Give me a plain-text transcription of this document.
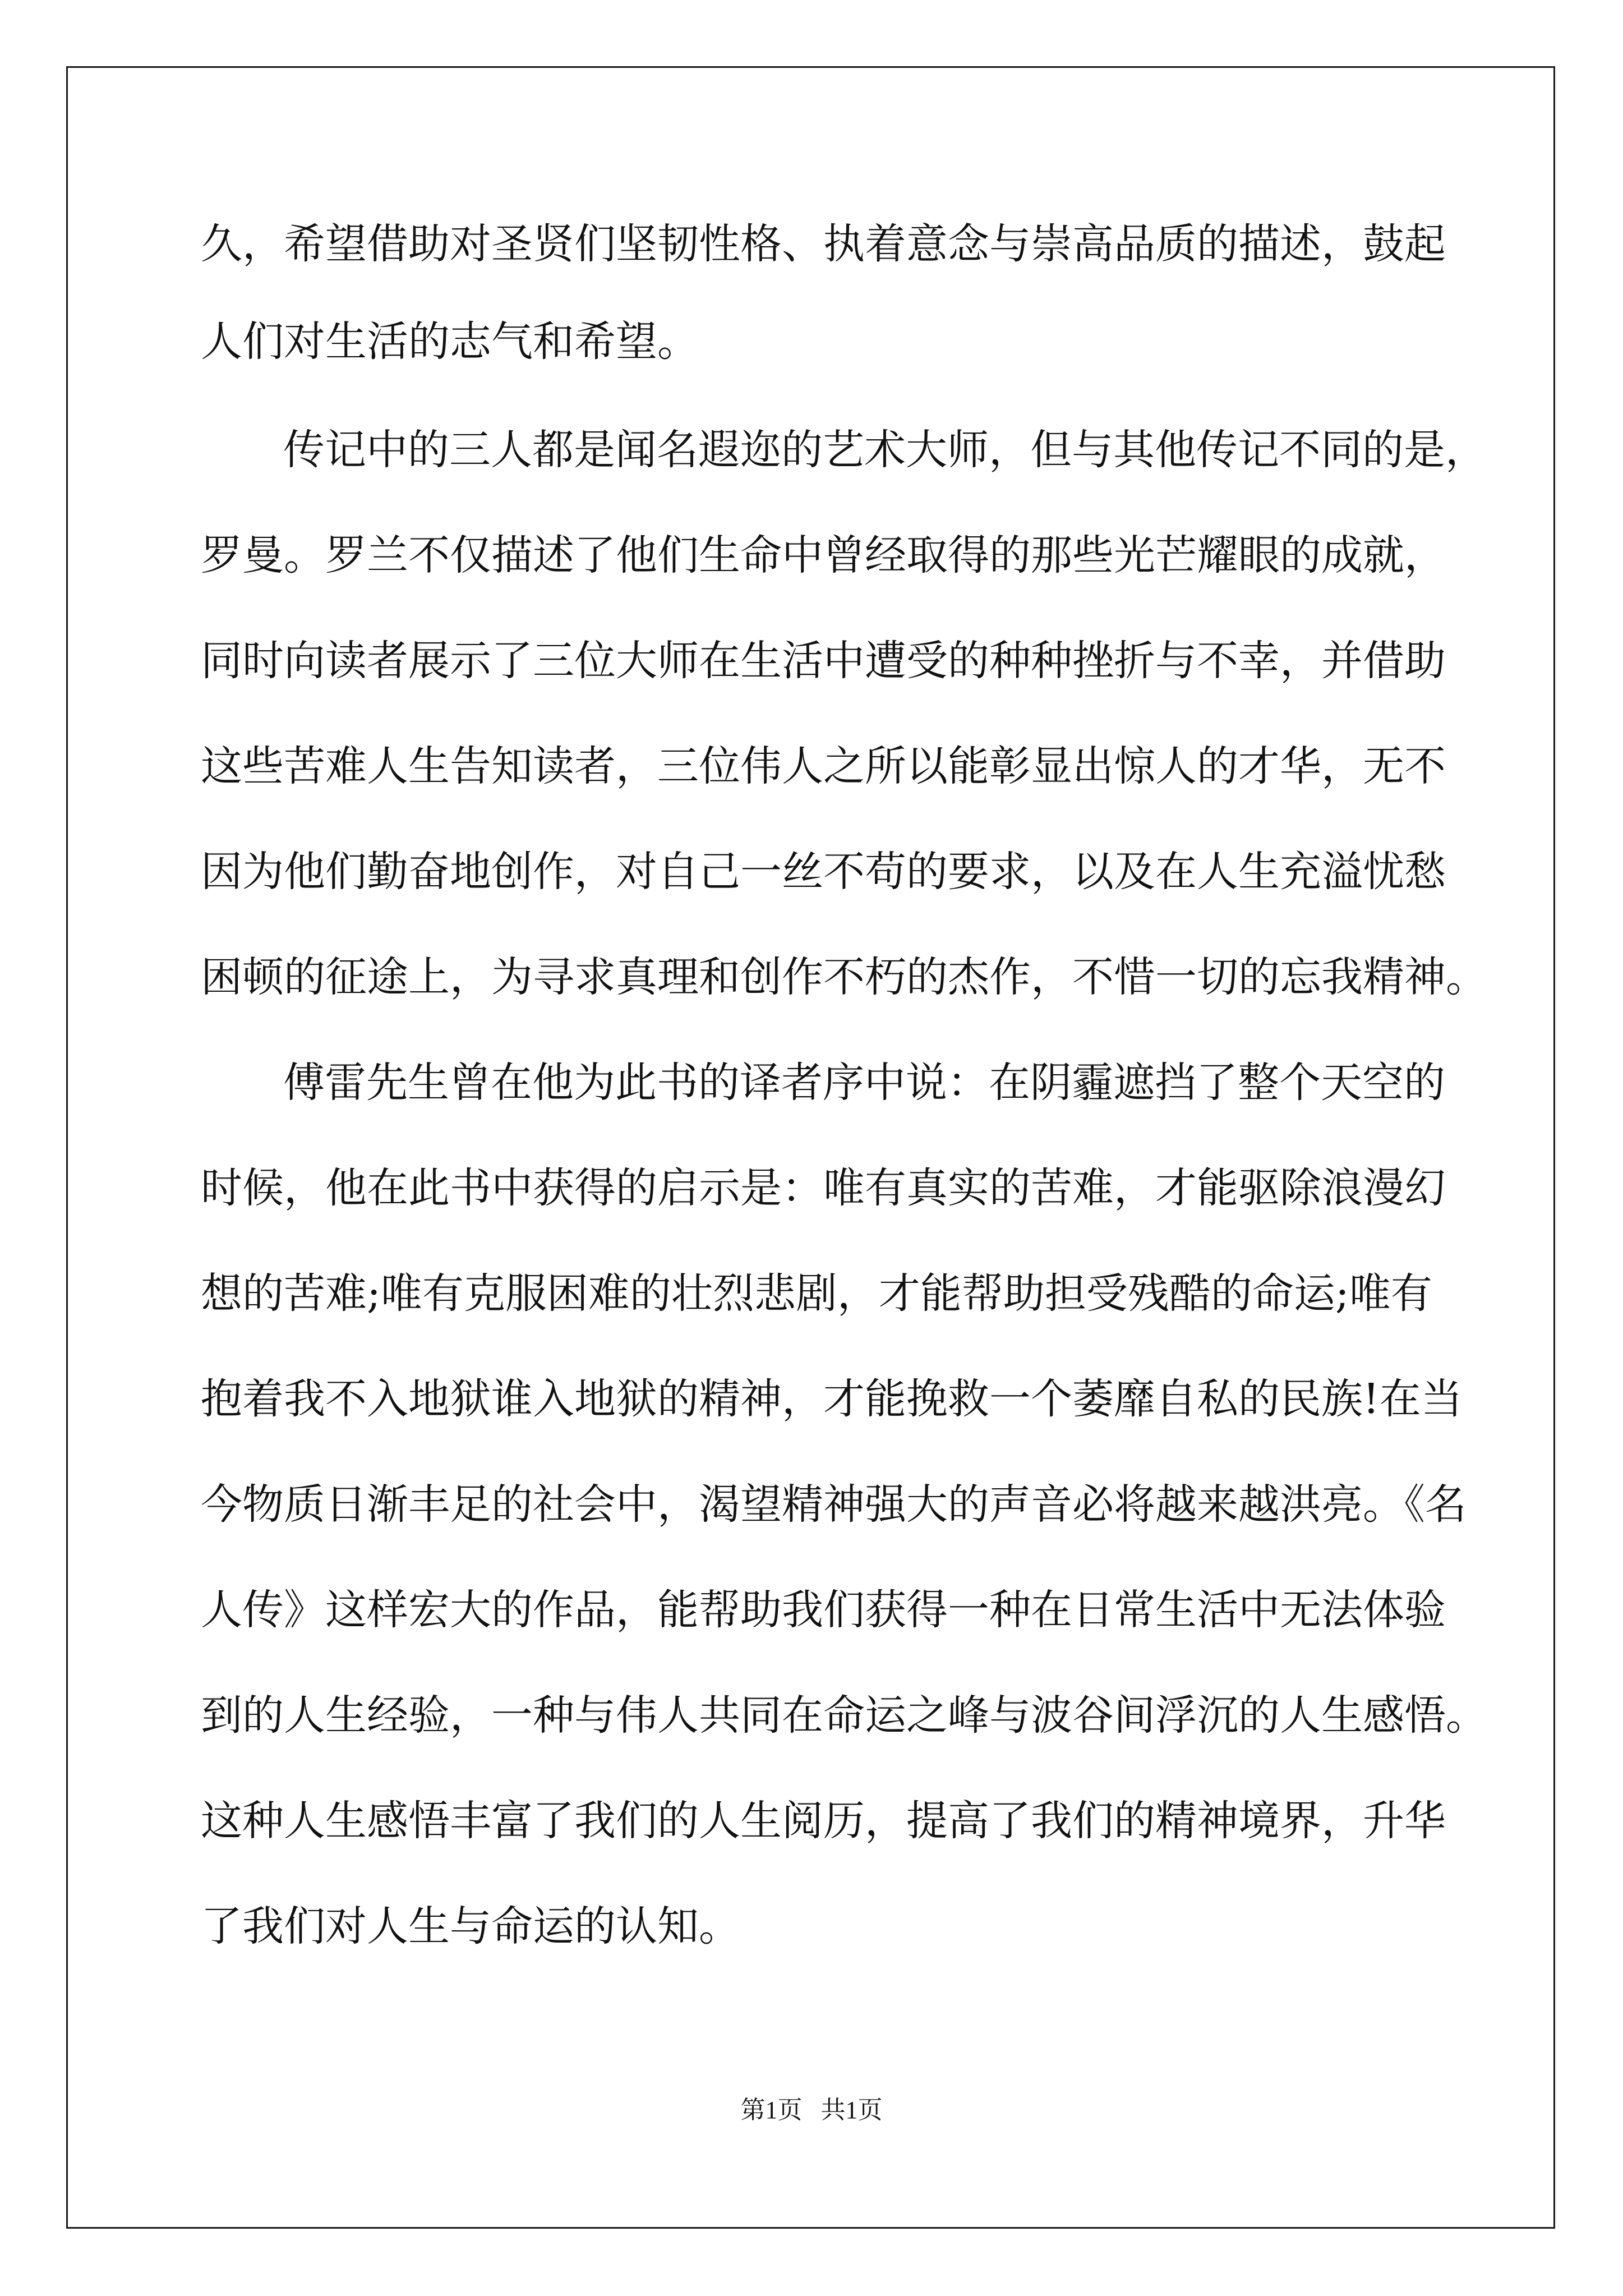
久，希望借助对圣贤们坚韧性格、执着意念与崇高品质的描述，鼓起
人们对生活的志气和希望。
传记中的三人都是闻名遐迩的艺术大师，但与其他传记不同的是，
罗曼。罗兰不仅描述了他们生命中曾经取得的那些光芒耀眼的成就，
同时向读者展示了三位大师在生活中遭受的种种挫折与不幸，并借助
这些苦难人生告知读者，三位伟人之所以能彰显出惊人的才华，无不
因为他们勤奋地创作，对自己一丝不苟的要求，以及在人生充溢忧愁
困顿的征途上，为寻求真理和创作不朽的杰作，不惜一切的忘我精神。
傅雷先生曾在他为此书的译者序中说：在阴霾遮挡了整个天空的
时候，他在此书中获得的启示是：唯有真实的苦难，才能驱除浪漫幻
想的苦难;唯有克服困难的壮烈悲剧，才能帮助担受残酷的命运;唯有
抱着我不入地狱谁入地狱的精神，才能挽救一个萎靡自私的民族!在当
今物质日渐丰足的社会中，渴望精神强大的声音必将越来越洪亮。《名
人传》这样宏大的作品，能帮助我们获得一种在日常生活中无法体验
到的人生经验，一种与伟人共同在命运之峰与波谷间浮沉的人生感悟。
这种人生感悟丰富了我们的人生阅历，提高了我们的精神境界，升华
了我们对人生与命运的认知。
第1页   共1页
